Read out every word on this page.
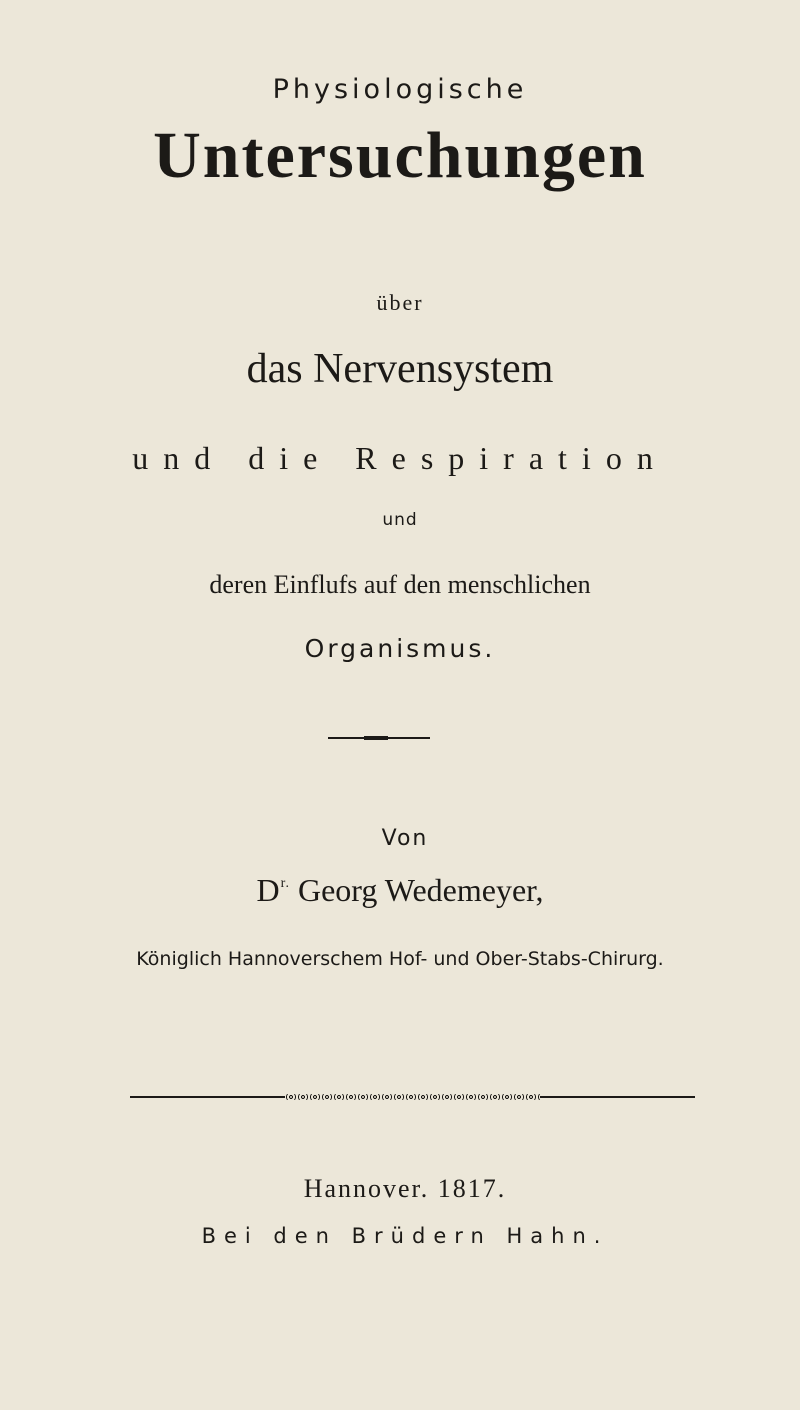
Physiologische
Untersuchungen
über
das Nervensystem
und die Respiration
und
deren Einflufs auf den menschlichen
Organismus.
Von
$D^{r.}$ Georg Wedemeyer,
Königlich Hannoverschem Hof- und Ober-Stabs-Chirurg.
Hannover. 1817.
Bei den Brüdern Hahn.
